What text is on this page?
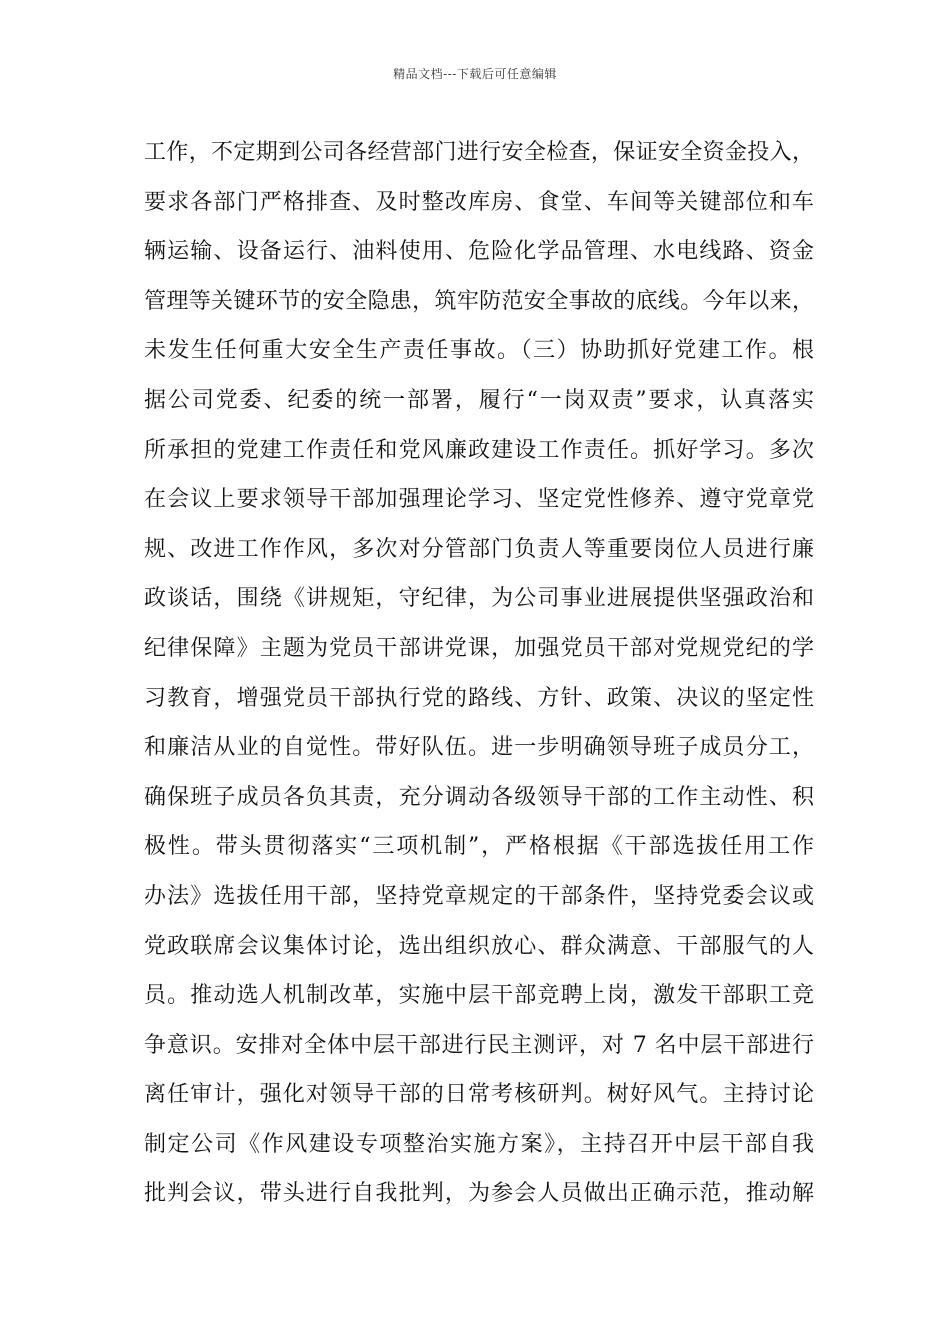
精品文档---下载后可任意编辑
工作，不定期到公司各经营部门进行安全检查，保证安全资金投入，
要求各部门严格排查、及时整改库房、食堂、车间等关键部位和车
辆运输、设备运行、油料使用、危险化学品管理、水电线路、资金
管理等关键环节的安全隐患，筑牢防范安全事故的底线。今年以来，
未发生任何重大安全生产责任事故。（三）协助抓好党建工作。根
据公司党委、纪委的统一部署，履行“一岗双责”要求，认真落实
所承担的党建工作责任和党风廉政建设工作责任。抓好学习。多次
在会议上要求领导干部加强理论学习、坚定党性修养、遵守党章党
规、改进工作作风，多次对分管部门负责人等重要岗位人员进行廉
政谈话，围绕《讲规矩，守纪律，为公司事业进展提供坚强政治和
纪律保障》主题为党员干部讲党课，加强党员干部对党规党纪的学
习教育，增强党员干部执行党的路线、方针、政策、决议的坚定性
和廉洁从业的自觉性。带好队伍。进一步明确领导班子成员分工，
确保班子成员各负其责，充分调动各级领导干部的工作主动性、积
极性。带头贯彻落实“三项机制”，严格根据《干部选拔任用工作
办法》选拔任用干部，坚持党章规定的干部条件，坚持党委会议或
党政联席会议集体讨论，选出组织放心、群众满意、干部服气的人
员。推动选人机制改革，实施中层干部竞聘上岗，激发干部职工竞
争意识。安排对全体中层干部进行民主测评，对 7 名中层干部进行
离任审计，强化对领导干部的日常考核研判。树好风气。主持讨论
制定公司《作风建设专项整治实施方案》，主持召开中层干部自我
批判会议，带头进行自我批判，为参会人员做出正确示范，推动解
